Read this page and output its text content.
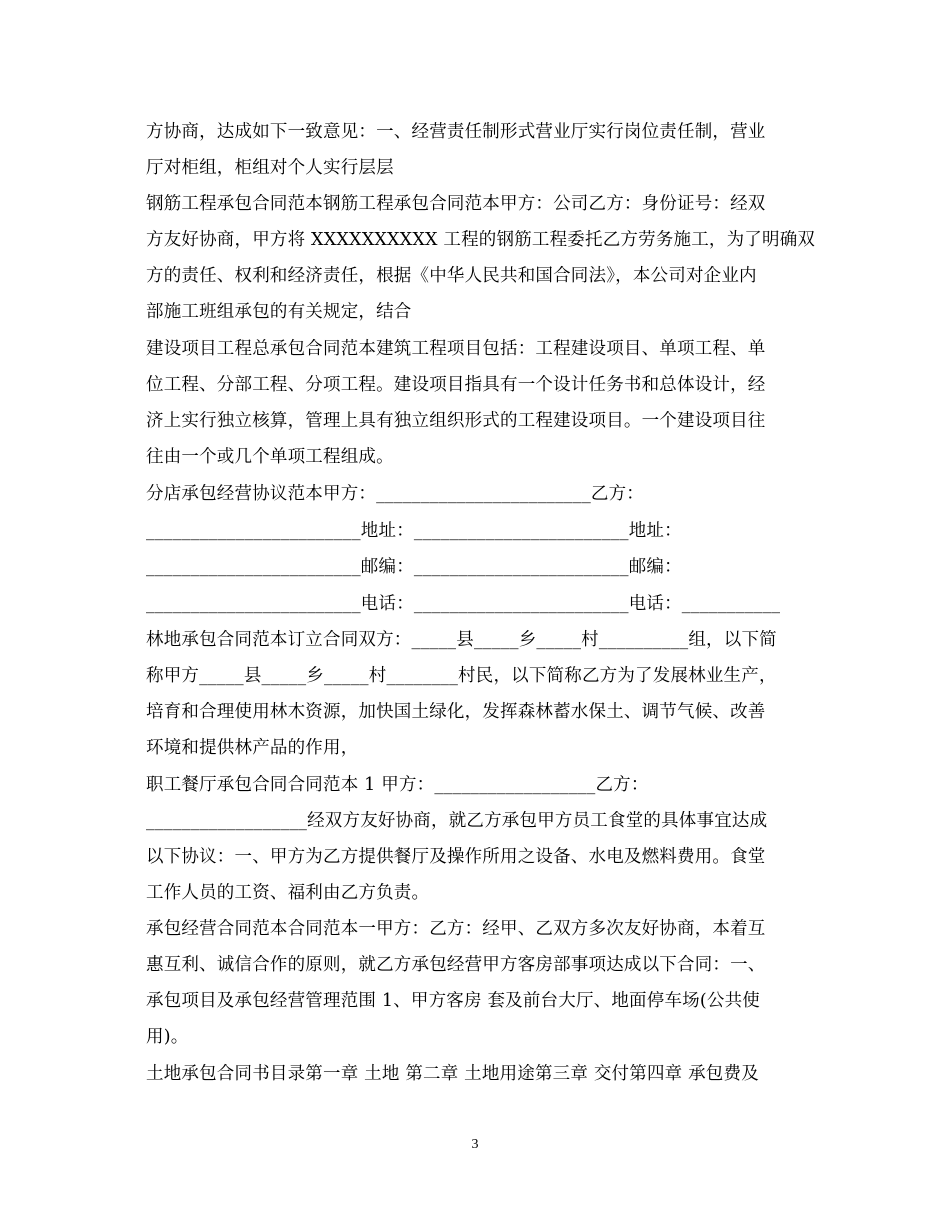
方协商，达成如下一致意见：一、经营责任制形式营业厅实行岗位责任制，营业
厅对柜组，柜组对个人实行层层
钢筋工程承包合同范本钢筋工程承包合同范本甲方：公司乙方：身份证号：经双
方友好协商，甲方将 XXXXXXXXXX 工程的钢筋工程委托乙方劳务施工，为了明确双
方的责任、权利和经济责任，根据《中华人民共和国合同法》，本公司对企业内
部施工班组承包的有关规定，结合
建设项目工程总承包合同范本建筑工程项目包括：工程建设项目、单项工程、单
位工程、分部工程、分项工程。建设项目指具有一个设计任务书和总体设计，经
济上实行独立核算，管理上具有独立组织形式的工程建设项目。一个建设项目往
往由一个或几个单项工程组成。
分店承包经营协议范本甲方：________________________乙方：
________________________地址：________________________地址：
________________________邮编：________________________邮编：
________________________电话：________________________电话：___________
林地承包合同范本订立合同双方：_____县_____乡_____村__________组，以下简
称甲方_____县_____乡_____村________村民，以下简称乙方为了发展林业生产，
培育和合理使用林木资源，加快国土绿化，发挥森林蓄水保土、调节气候、改善
环境和提供林产品的作用，
职工餐厅承包合同合同范本 1 甲方：__________________乙方：
__________________经双方友好协商，就乙方承包甲方员工食堂的具体事宜达成
以下协议：一、甲方为乙方提供餐厅及操作所用之设备、水电及燃料费用。食堂
工作人员的工资、福利由乙方负责。
承包经营合同范本合同范本一甲方：乙方：经甲、乙双方多次友好协商，本着互
惠互利、诚信合作的原则，就乙方承包经营甲方客房部事项达成以下合同：一、
承包项目及承包经营管理范围 1、甲方客房 套及前台大厅、地面停车场(公共使
用)。
土地承包合同书目录第一章 土地 第二章 土地用途第三章 交付第四章 承包费及
3
